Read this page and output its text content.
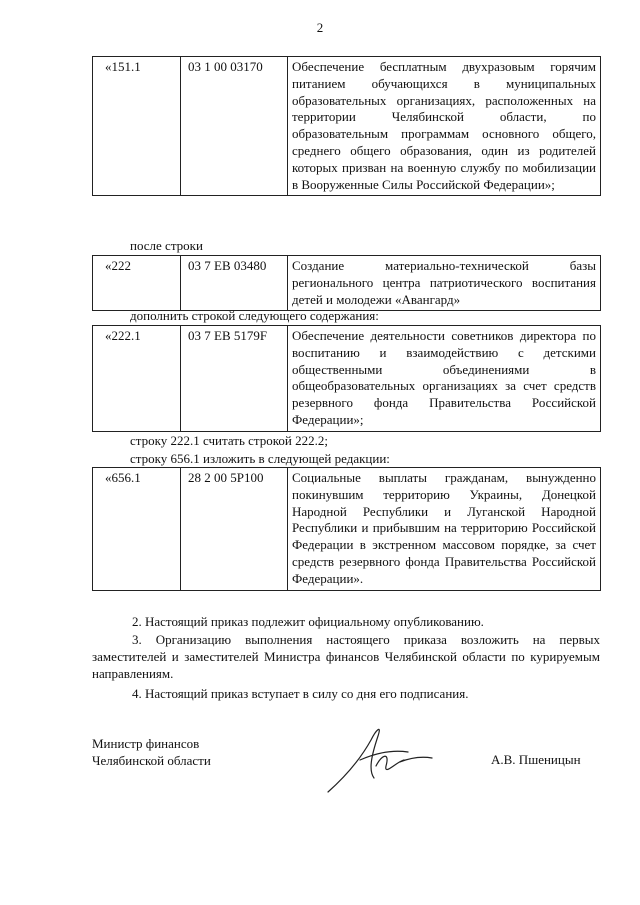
2
«151.1	03 1 00 03170	Обеспечение бесплатным двухразовым горячим питанием обучающихся в муниципальных образовательных организациях, расположенных на территории Челябинской области, по образовательным программам основного общего, среднего общего образования, один из родителей которых призван на военную службу по мобилизации в Вооруженные Силы Российской Федерации»;
после строки
«222	03 7 EB 03480	Создание материально-технической базы регионального центра патриотического воспитания детей и молодежи «Авангард»
дополнить строкой следующего содержания:
«222.1	03 7 EB 5179F	Обеспечение деятельности советников директора по воспитанию и взаимодействию с детскими общественными объединениями в общеобразовательных организациях за счет средств резервного фонда Правительства Российской Федерации»;
строку 222.1 считать строкой 222.2;
строку 656.1 изложить в следующей редакции:
«656.1	28 2 00 5Р100	Социальные выплаты гражданам, вынужденно покинувшим территорию Украины, Донецкой Народной Республики и Луганской Народной Республики и прибывшим на территорию Российской Федерации в экстренном массовом порядке, за счет средств резервного фонда Правительства Российской Федерации».
2. Настоящий приказ подлежит официальному опубликованию.
3. Организацию выполнения настоящего приказа возложить на первых заместителей и заместителей Министра финансов Челябинской области по курируемым направлениям.
4. Настоящий приказ вступает в силу со дня его подписания.
Министр финансов
Челябинской области	А.В. Пшеницын
